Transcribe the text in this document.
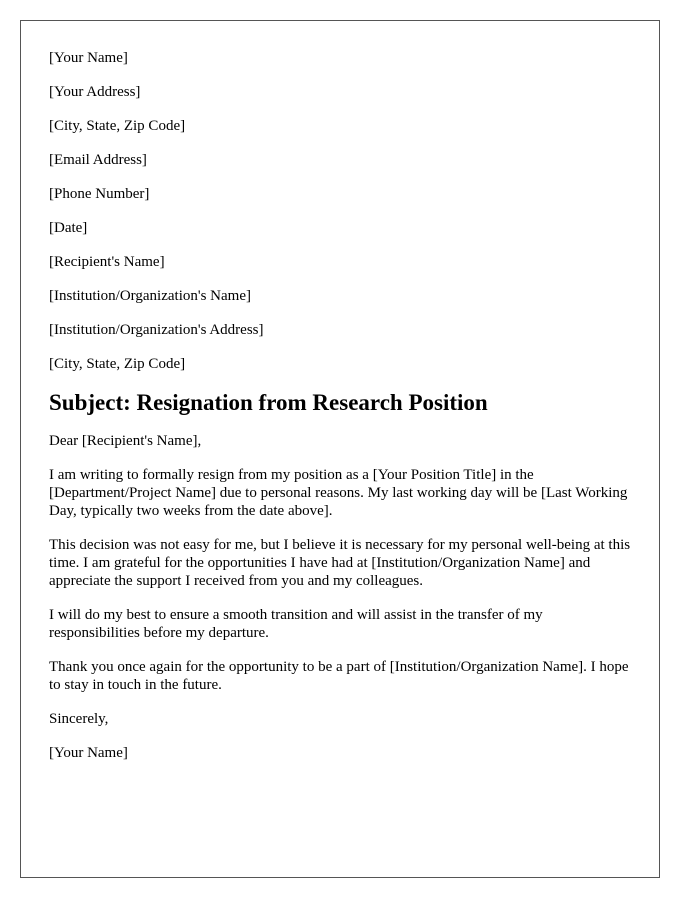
[Your Name]
[Your Address]
[City, State, Zip Code]
[Email Address]
[Phone Number]
[Date]
[Recipient's Name]
[Institution/Organization's Name]
[Institution/Organization's Address]
[City, State, Zip Code]
Subject: Resignation from Research Position
Dear [Recipient's Name],
I am writing to formally resign from my position as a [Your Position Title] in the [Department/Project Name] due to personal reasons. My last working day will be [Last Working Day, typically two weeks from the date above].
This decision was not easy for me, but I believe it is necessary for my personal well-being at this time. I am grateful for the opportunities I have had at [Institution/Organization Name] and appreciate the support I received from you and my colleagues.
I will do my best to ensure a smooth transition and will assist in the transfer of my responsibilities before my departure.
Thank you once again for the opportunity to be a part of [Institution/Organization Name]. I hope to stay in touch in the future.
Sincerely,
[Your Name]
